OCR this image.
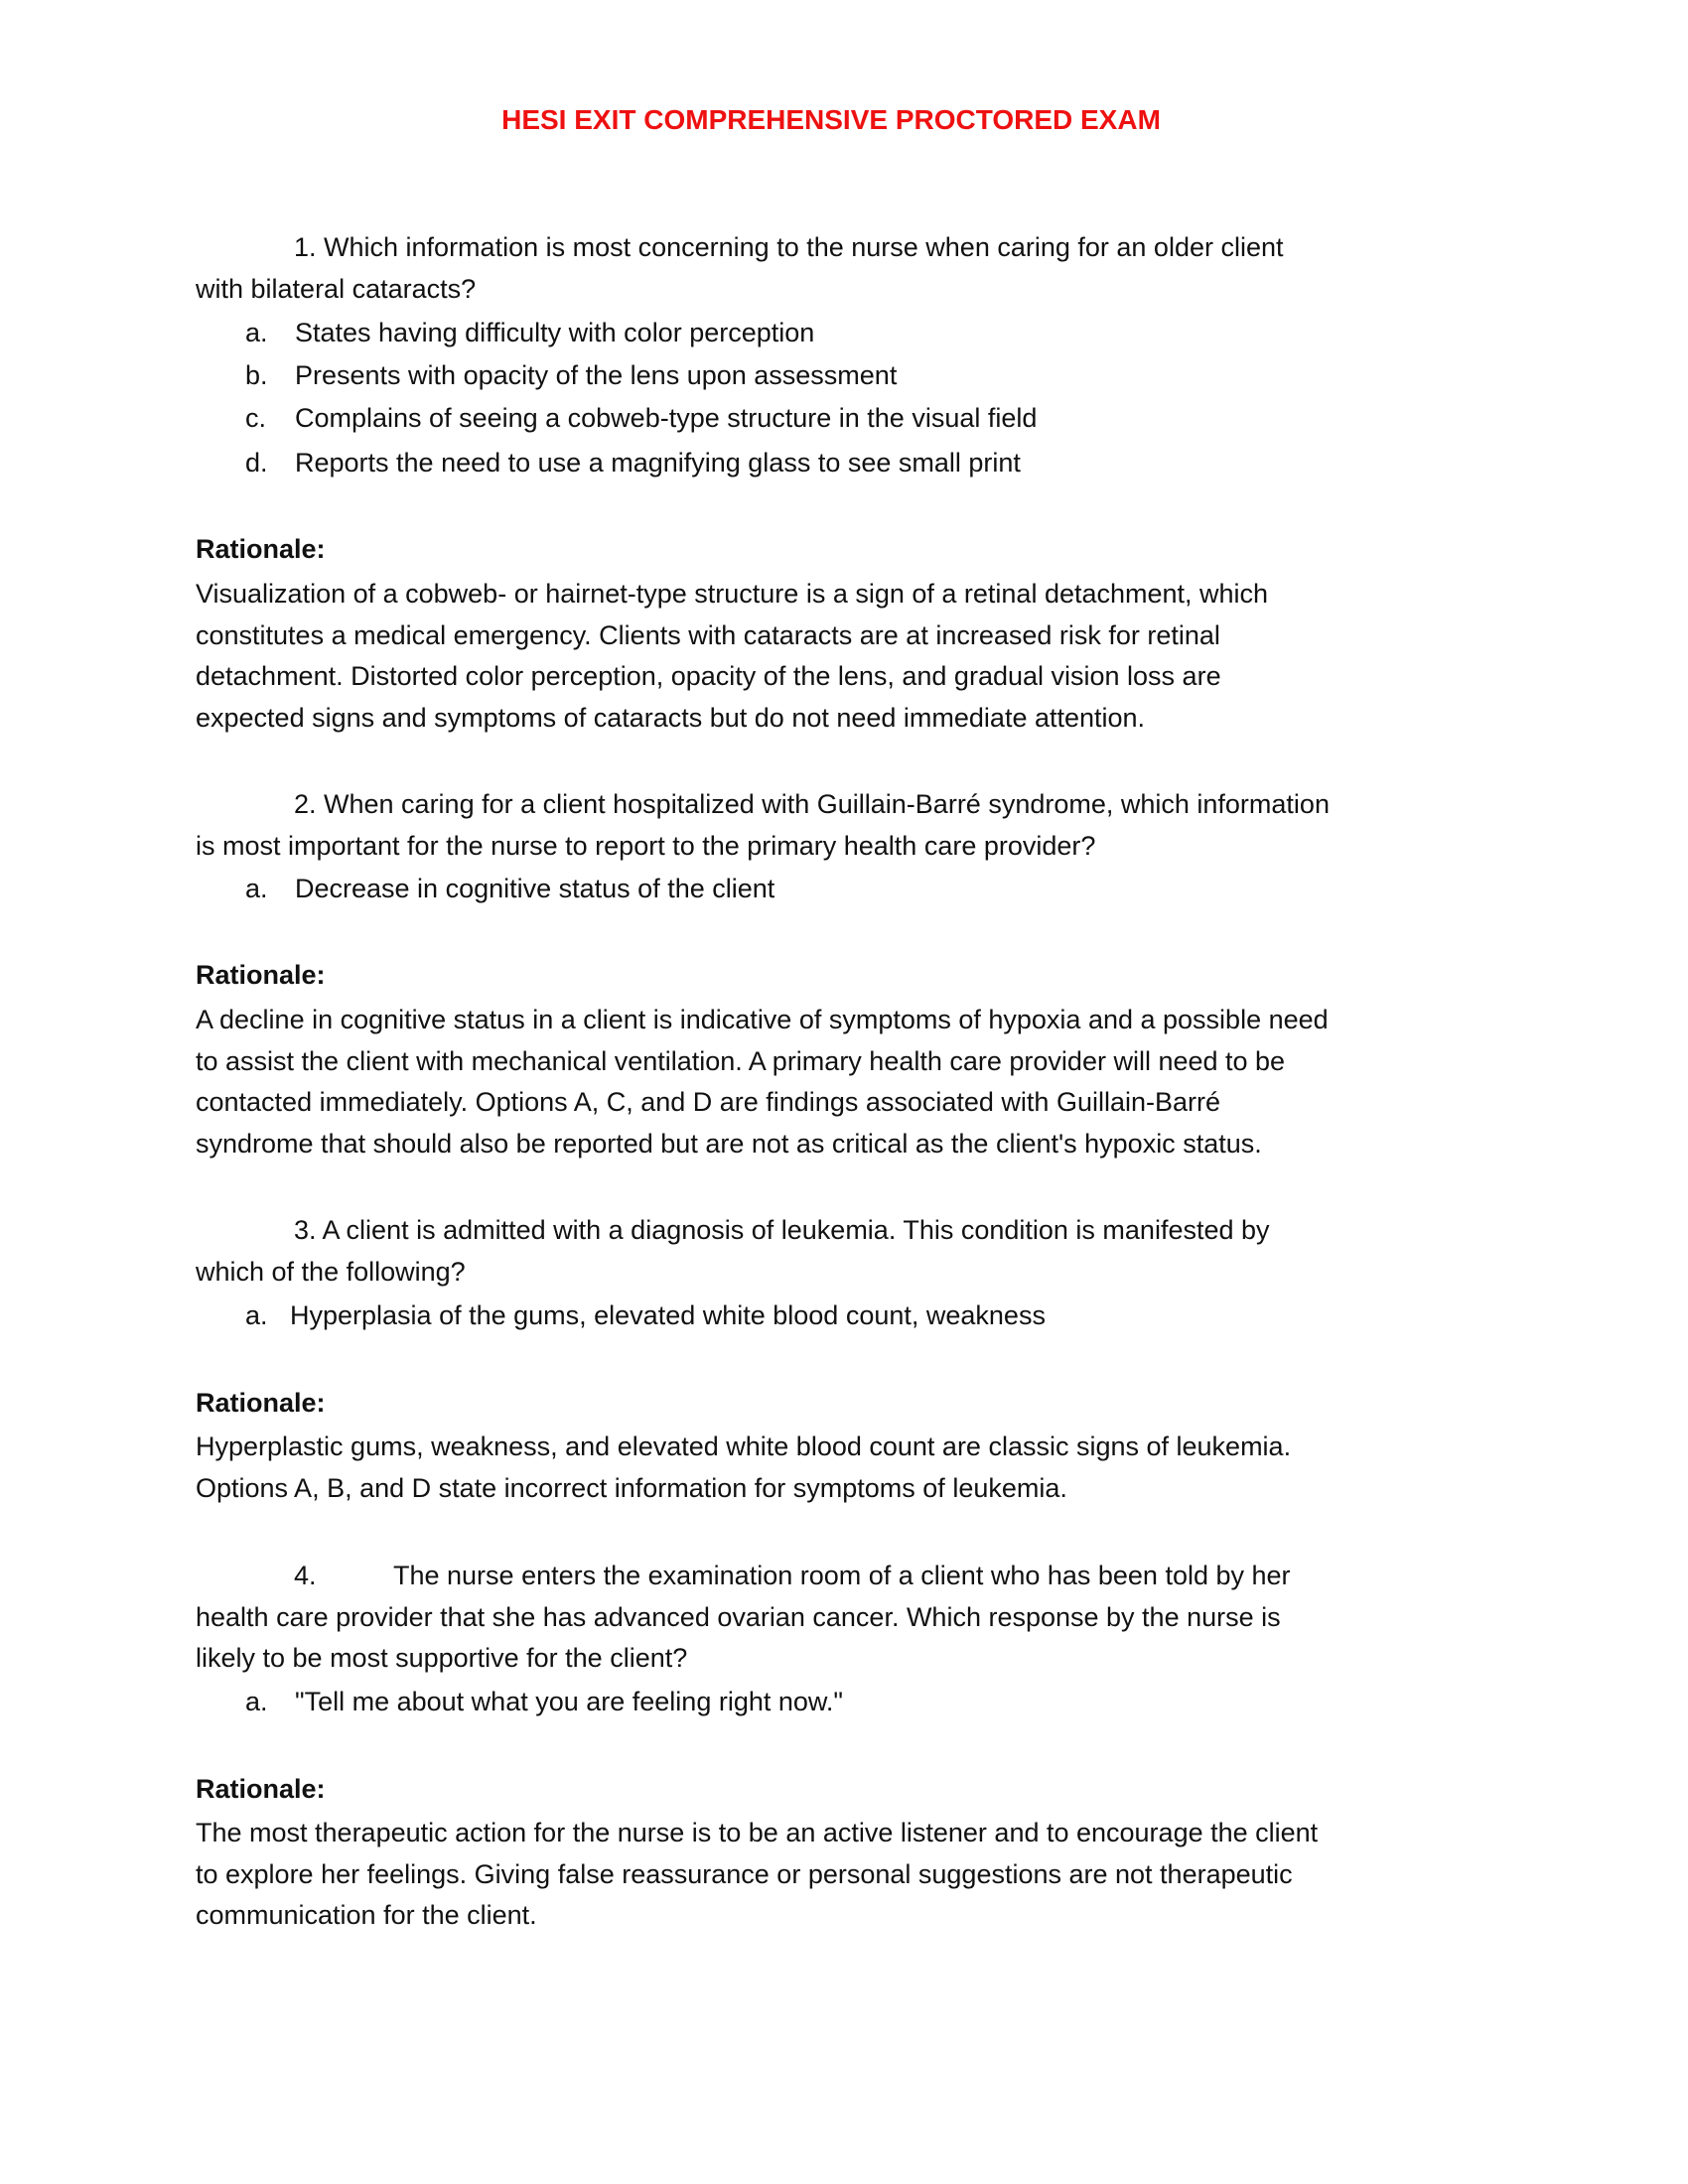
HESI EXIT COMPREHENSIVE PROCTORED EXAM
1. Which information is most concerning to the nurse when caring for an older client
with bilateral cataracts?
a. States having difficulty with color perception
b. Presents with opacity of the lens upon assessment
c. Complains of seeing a cobweb-type structure in the visual field
d. Reports the need to use a magnifying glass to see small print
Rationale:
Visualization of a cobweb- or hairnet-type structure is a sign of a retinal detachment, which
constitutes a medical emergency. Clients with cataracts are at increased risk for retinal
detachment. Distorted color perception, opacity of the lens, and gradual vision loss are
expected signs and symptoms of cataracts but do not need immediate attention.
2. When caring for a client hospitalized with Guillain-Barré syndrome, which information
is most important for the nurse to report to the primary health care provider?
a. Decrease in cognitive status of the client
Rationale:
A decline in cognitive status in a client is indicative of symptoms of hypoxia and a possible need
to assist the client with mechanical ventilation. A primary health care provider will need to be
contacted immediately. Options A, C, and D are findings associated with Guillain-Barré
syndrome that should also be reported but are not as critical as the client's hypoxic status.
3. A client is admitted with a diagnosis of leukemia. This condition is manifested by
which of the following?
a. Hyperplasia of the gums, elevated white blood count, weakness
Rationale:
Hyperplastic gums, weakness, and elevated white blood count are classic signs of leukemia.
Options A, B, and D state incorrect information for symptoms of leukemia.
4.	The nurse enters the examination room of a client who has been told by her
health care provider that she has advanced ovarian cancer. Which response by the nurse is
likely to be most supportive for the client?
a. "Tell me about what you are feeling right now."
Rationale:
The most therapeutic action for the nurse is to be an active listener and to encourage the client
to explore her feelings. Giving false reassurance or personal suggestions are not therapeutic
communication for the client.
